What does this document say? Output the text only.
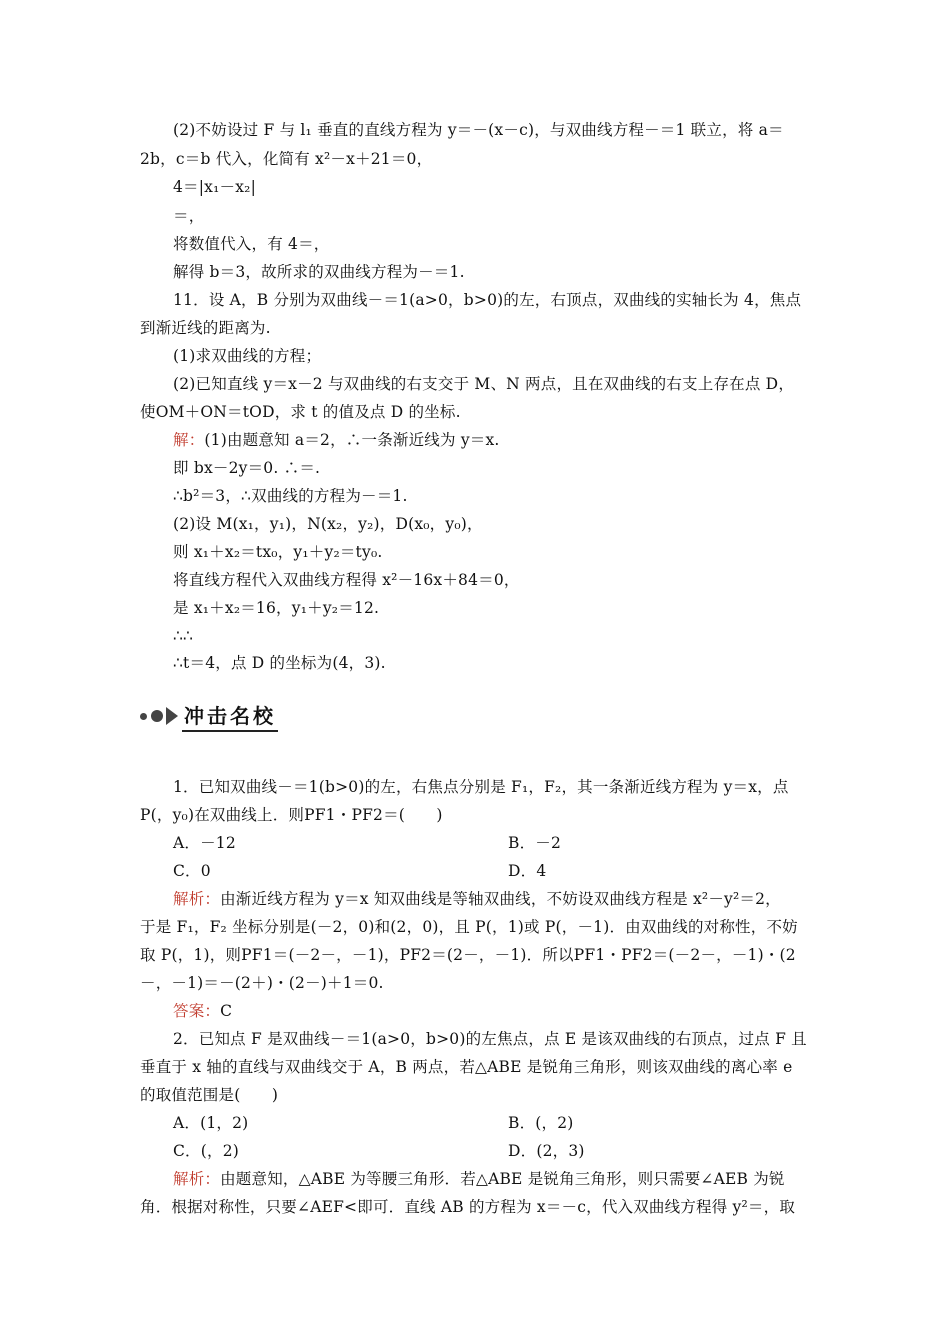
(2)不妨设过 F 与 l₁ 垂直的直线方程为 y＝－(x－c)，与双曲线方程－＝1 联立，将 a＝
2b，c＝b 代入，化简有 x²－x＋21＝0，
4＝|x₁－x₂|
＝，
将数值代入，有 4＝，
解得 b＝3，故所求的双曲线方程为－＝1.
11．设 A，B 分别为双曲线－＝1(a>0，b>0)的左，右顶点，双曲线的实轴长为 4，焦点
到渐近线的距离为.
(1)求双曲线的方程；
(2)已知直线 y＝x－2 与双曲线的右支交于 M、N 两点，且在双曲线的右支上存在点 D，
使OM＋ON＝tOD，求 t 的值及点 D 的坐标.
解：(1)由题意知 a＝2，∴一条渐近线为 y＝x.
即 bx－2y＝0. ∴＝.
∴b²＝3，∴双曲线的方程为－＝1.
(2)设 M(x₁，y₁)，N(x₂，y₂)，D(x₀，y₀)，
则 x₁＋x₂＝tx₀，y₁＋y₂＝ty₀.
将直线方程代入双曲线方程得 x²－16x＋84＝0，
是 x₁＋x₂＝16，y₁＋y₂＝12.
∴∴
∴t＝4，点 D 的坐标为(4，3).
冲击名校
1．已知双曲线－＝1(b>0)的左，右焦点分别是 F₁，F₂，其一条渐近线方程为 y＝x，点
P(，y₀)在双曲线上．则PF1・PF2＝(　　)
A．－12	B．－2
C．0	D．4
解析：由渐近线方程为 y＝x 知双曲线是等轴双曲线，不妨设双曲线方程是 x²－y²＝2，
于是 F₁，F₂ 坐标分别是(－2，0)和(2，0)，且 P(，1)或 P(，－1)．由双曲线的对称性，不妨
取 P(，1)，则PF1＝(－2－，－1)，PF2＝(2－，－1)．所以PF1・PF2＝(－2－，－1)・(2
－，－1)＝－(2＋)・(2－)＋1＝0.
答案：C
2．已知点 F 是双曲线－＝1(a>0，b>0)的左焦点，点 E 是该双曲线的右顶点，过点 F 且
垂直于 x 轴的直线与双曲线交于 A，B 两点，若△ABE 是锐角三角形，则该双曲线的离心率 e
的取值范围是(　　)
A．(1，2)	B．(，2)
C．(，2)	D．(2，3)
解析：由题意知，△ABE 为等腰三角形．若△ABE 是锐角三角形，则只需要∠AEB 为锐
角．根据对称性，只要∠AEF<即可．直线 AB 的方程为 x＝－c，代入双曲线方程得 y²＝，取
